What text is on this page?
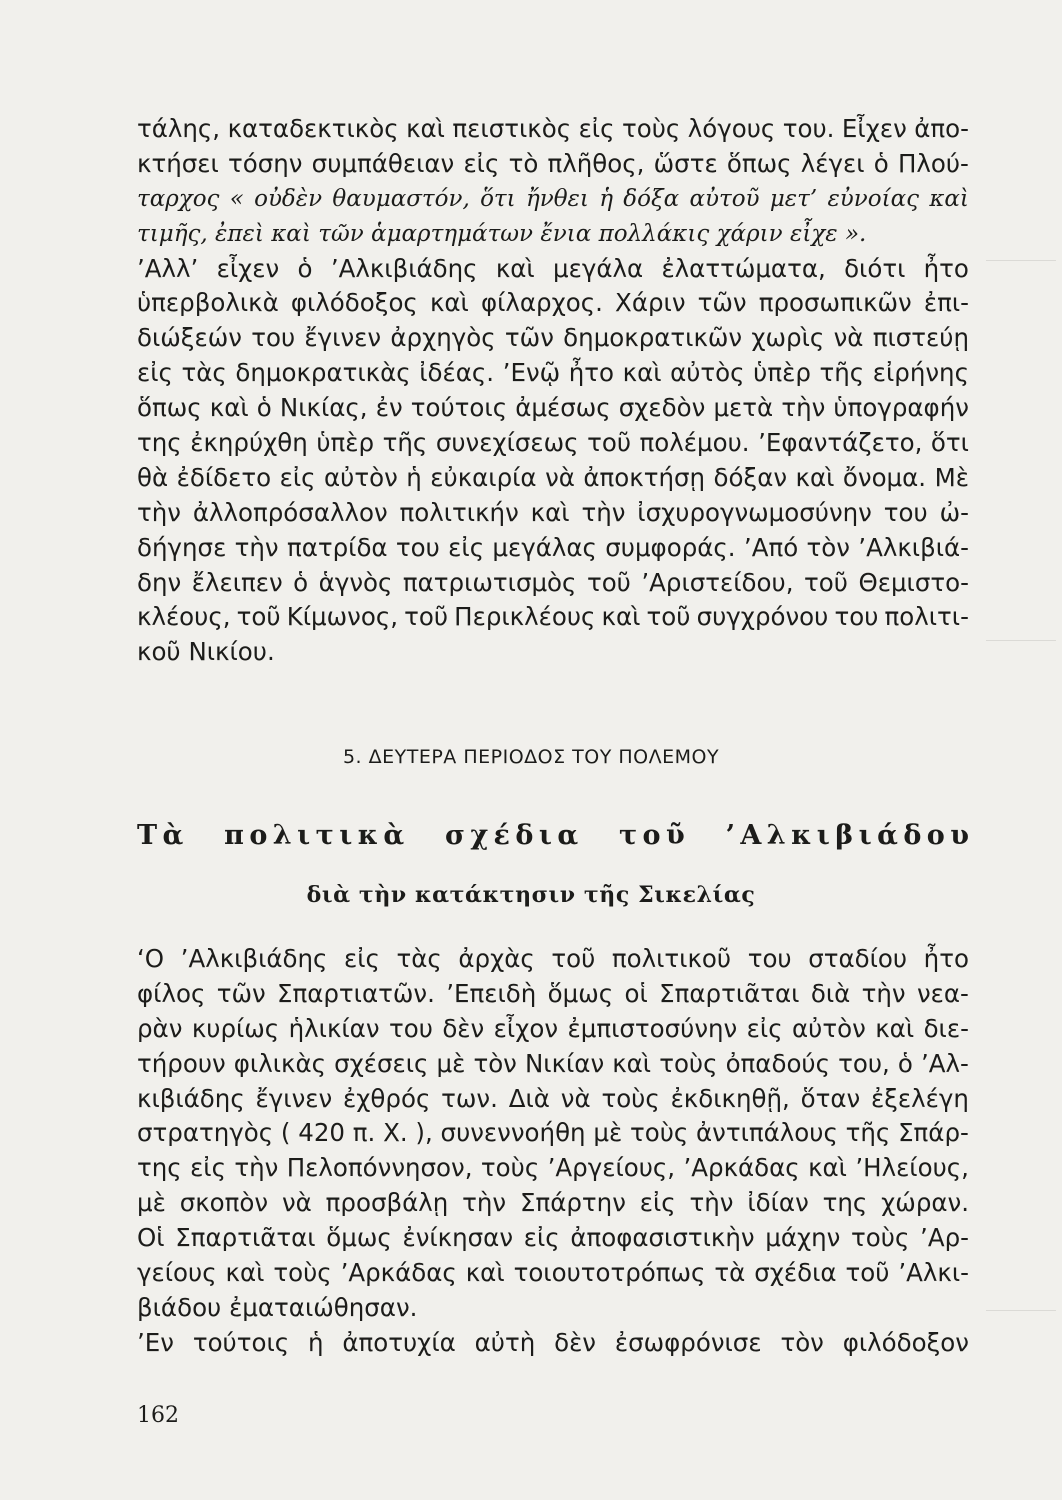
τάλης, καταδεκτικὸς καὶ πειστικὸς εἰς τοὺς λόγους του. Εἶχεν ἀπο-
κτήσει τόσην συμπάθειαν εἰς τὸ πλῆθος, ὥστε ὅπως λέγει ὁ Πλού-
ταρχος « οὐδὲν θαυμαστόν, ὅτι ἤνθει ἡ δόξα αὐτοῦ μετ’ εὐνοίας καὶ
τιμῆς, ἐπεὶ καὶ τῶν ἁμαρτημάτων ἔνια πολλάκις χάριν εἶχε ».
’Αλλ’ εἶχεν ὁ ’Αλκιβιάδης καὶ μεγάλα ἐλαττώματα, διότι ἦτο
ὑπερβολικὰ φιλόδοξος καὶ φίλαρχος. Χάριν τῶν προσωπικῶν ἐπι-
διώξεών του ἔγινεν ἀρχηγὸς τῶν δημοκρατικῶν χωρὶς νὰ πιστεύῃ
εἰς τὰς δημοκρατικὰς ἰδέας. ’Ενῷ ἦτο καὶ αὐτὸς ὑπὲρ τῆς εἰρήνης
ὅπως καὶ ὁ Νικίας, ἐν τούτοις ἀμέσως σχεδὸν μετὰ τὴν ὑπογραφήν
της ἐκηρύχθη ὑπὲρ τῆς συνεχίσεως τοῦ πολέμου. ’Εφαντάζετο, ὅτι
θὰ ἐδίδετο εἰς αὐτὸν ἡ εὐκαιρία νὰ ἀποκτήσῃ δόξαν καὶ ὄνομα. Μὲ
τὴν ἀλλοπρόσαλλον πολιτικήν καὶ τὴν ἰσχυρογνωμοσύνην του ὠ-
δήγησε τὴν πατρίδα του εἰς μεγάλας συμφοράς. ’Από τὸν ’Αλκιβιά-
δην ἔλειπεν ὁ ἁγνὸς πατριωτισμὸς τοῦ ’Αριστείδου, τοῦ Θεμιστο-
κλέους, τοῦ Κίμωνος, τοῦ Περικλέους καὶ τοῦ συγχρόνου του πολιτι-
κοῦ Νικίου.
5. ΔΕΥΤΕΡΑ ΠΕΡΙΟΔΟΣ ΤΟΥ ΠΟΛΕΜΟΥ
Τ ὰ π ο λ ι τ ι κ ὰ σ χ έ δ ι α τ ο ῦ ’ Α λ κ ι β ι ά δ ο υ
διὰ τὴν κατάκτησιν τῆς Σικελίας
‘Ο ’Αλκιβιάδης εἰς τὰς ἀρχὰς τοῦ πολιτικοῦ του σταδίου ἦτο
φίλος τῶν Σπαρτιατῶν. ’Επειδὴ ὅμως οἱ Σπαρτιᾶται διὰ τὴν νεα-
ρὰν κυρίως ἡλικίαν του δὲν εἶχον ἐμπιστοσύνην εἰς αὐτὸν καὶ διε-
τήρουν φιλικὰς σχέσεις μὲ τὸν Νικίαν καὶ τοὺς ὀπαδούς του, ὁ ’Αλ-
κιβιάδης ἔγινεν ἐχθρός των. Διὰ νὰ τοὺς ἐκδικηθῇ, ὅταν ἐξελέγη
στρατηγὸς ( 420 π. Χ. ), συνεννοήθη μὲ τοὺς ἀντιπάλους τῆς Σπάρ-
της εἰς τὴν Πελοπόννησον, τοὺς ’Αργείους, ’Αρκάδας καὶ ’Ηλείους,
μὲ σκοπὸν νὰ προσβάλῃ τὴν Σπάρτην εἰς τὴν ἰδίαν της χώραν.
Οἱ Σπαρτιᾶται ὅμως ἐνίκησαν εἰς ἀποφασιστικὴν μάχην τοὺς ’Αρ-
γείους καὶ τοὺς ’Αρκάδας καὶ τοιουτοτρόπως τὰ σχέδια τοῦ ’Αλκι-
βιάδου ἐματαιώθησαν.
’Εν τούτοις ἡ ἀποτυχία αὐτὴ δὲν ἐσωφρόνισε τὸν φιλόδοξον
162
